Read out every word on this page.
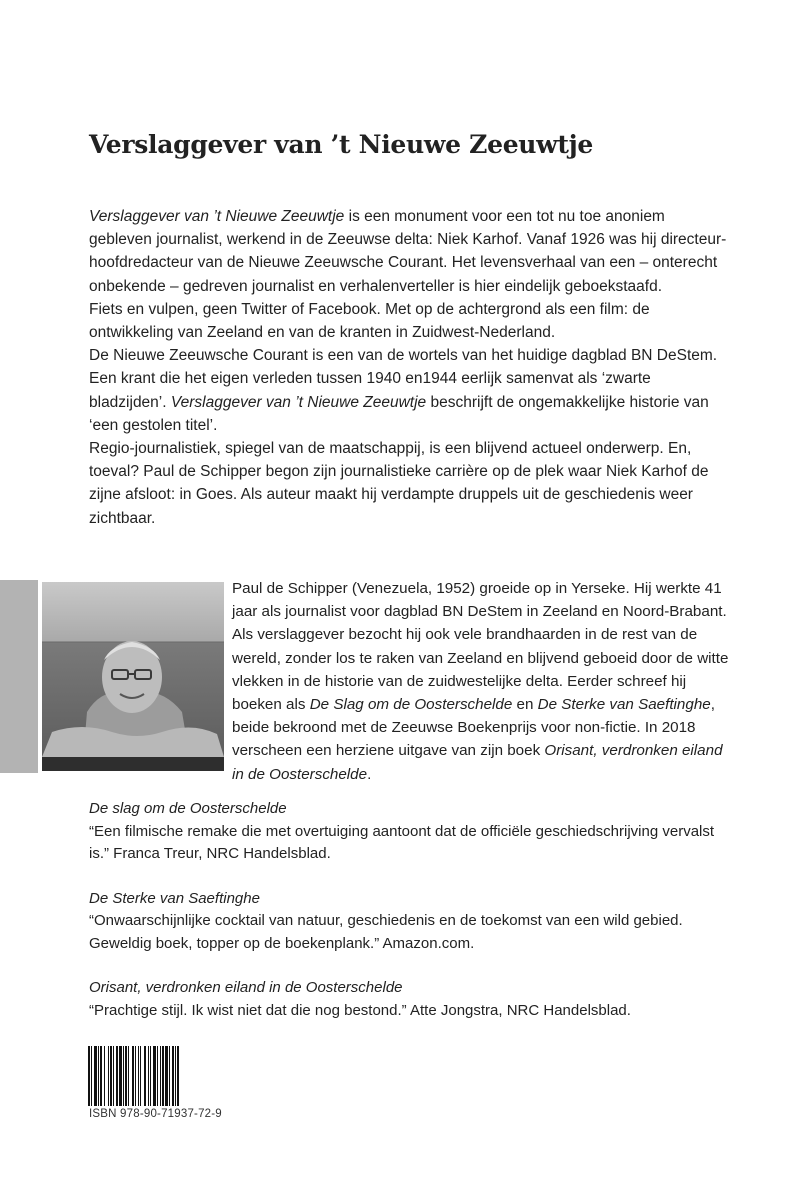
Verslaggever van ’t Nieuwe Zeeuwtje

Verslaggever van ’t Nieuwe Zeeuwtje is een monument voor een tot nu toe anoniem gebleven journalist, werkend in de Zeeuwse delta: Niek Karhof. Vanaf 1926 was hij directeur-hoofdredacteur van de Nieuwe Zeeuwsche Courant. Het levensverhaal van een – onterecht onbekende – gedreven journalist en verhalenverteller is hier eindelijk geboekstaafd.

Fiets en vulpen, geen Twitter of Facebook. Met op de achtergrond als een film: de ontwikkeling van Zeeland en van de kranten in Zuidwest-Nederland.

De Nieuwe Zeeuwsche Courant is een van de wortels van het huidige dagblad BN DeStem. Een krant die het eigen verleden tussen 1940 en1944 eerlijk samenvat als ‘zwarte bladzijden’. Verslaggever van ’t Nieuwe Zeeuwtje beschrijft de ongemakkelijke historie van ‘een gestolen titel’.

Regio-journalistiek, spiegel van de maatschappij, is een blijvend actueel onderwerp. En, toeval? Paul de Schipper begon zijn journalistieke carrière op de plek waar Niek Karhof de zijne afsloot: in Goes. Als auteur maakt hij verdampte druppels uit de geschiedenis weer zichtbaar.

Paul de Schipper (Venezuela, 1952) groeide op in Yerseke. Hij werkte 41 jaar als journalist voor dagblad BN DeStem in Zeeland en Noord-Brabant. Als verslaggever bezocht hij ook vele brandhaarden in de rest van de wereld, zonder los te raken van Zeeland en blijvend geboeid door de witte vlekken in de historie van de zuidwestelijke delta. Eerder schreef hij boeken als De Slag om de Oosterschelde en De Sterke van Saeftinghe, beide bekroond met de Zeeuwse Boekenprijs voor non-fictie. In 2018 verscheen een herziene uitgave van zijn boek Orisant, verdronken eiland in de Oosterschelde.
De slag om de Oosterschelde
“Een filmische remake die met overtuiging aantoont dat de officiële geschiedschrijving vervalst is.” Franca Treur, NRC Handelsblad.
De Sterke van Saeftinghe
“Onwaarschijnlijke cocktail van natuur, geschiedenis en de toekomst van een wild gebied. Geweldig boek, topper op de boekenplank.” Amazon.com.
Orisant, verdronken eiland in de Oosterschelde
“Prachtige stijl. Ik wist niet dat die nog bestond.” Atte Jongstra, NRC Handelsblad.
ISBN 978-90-71937-72-9
